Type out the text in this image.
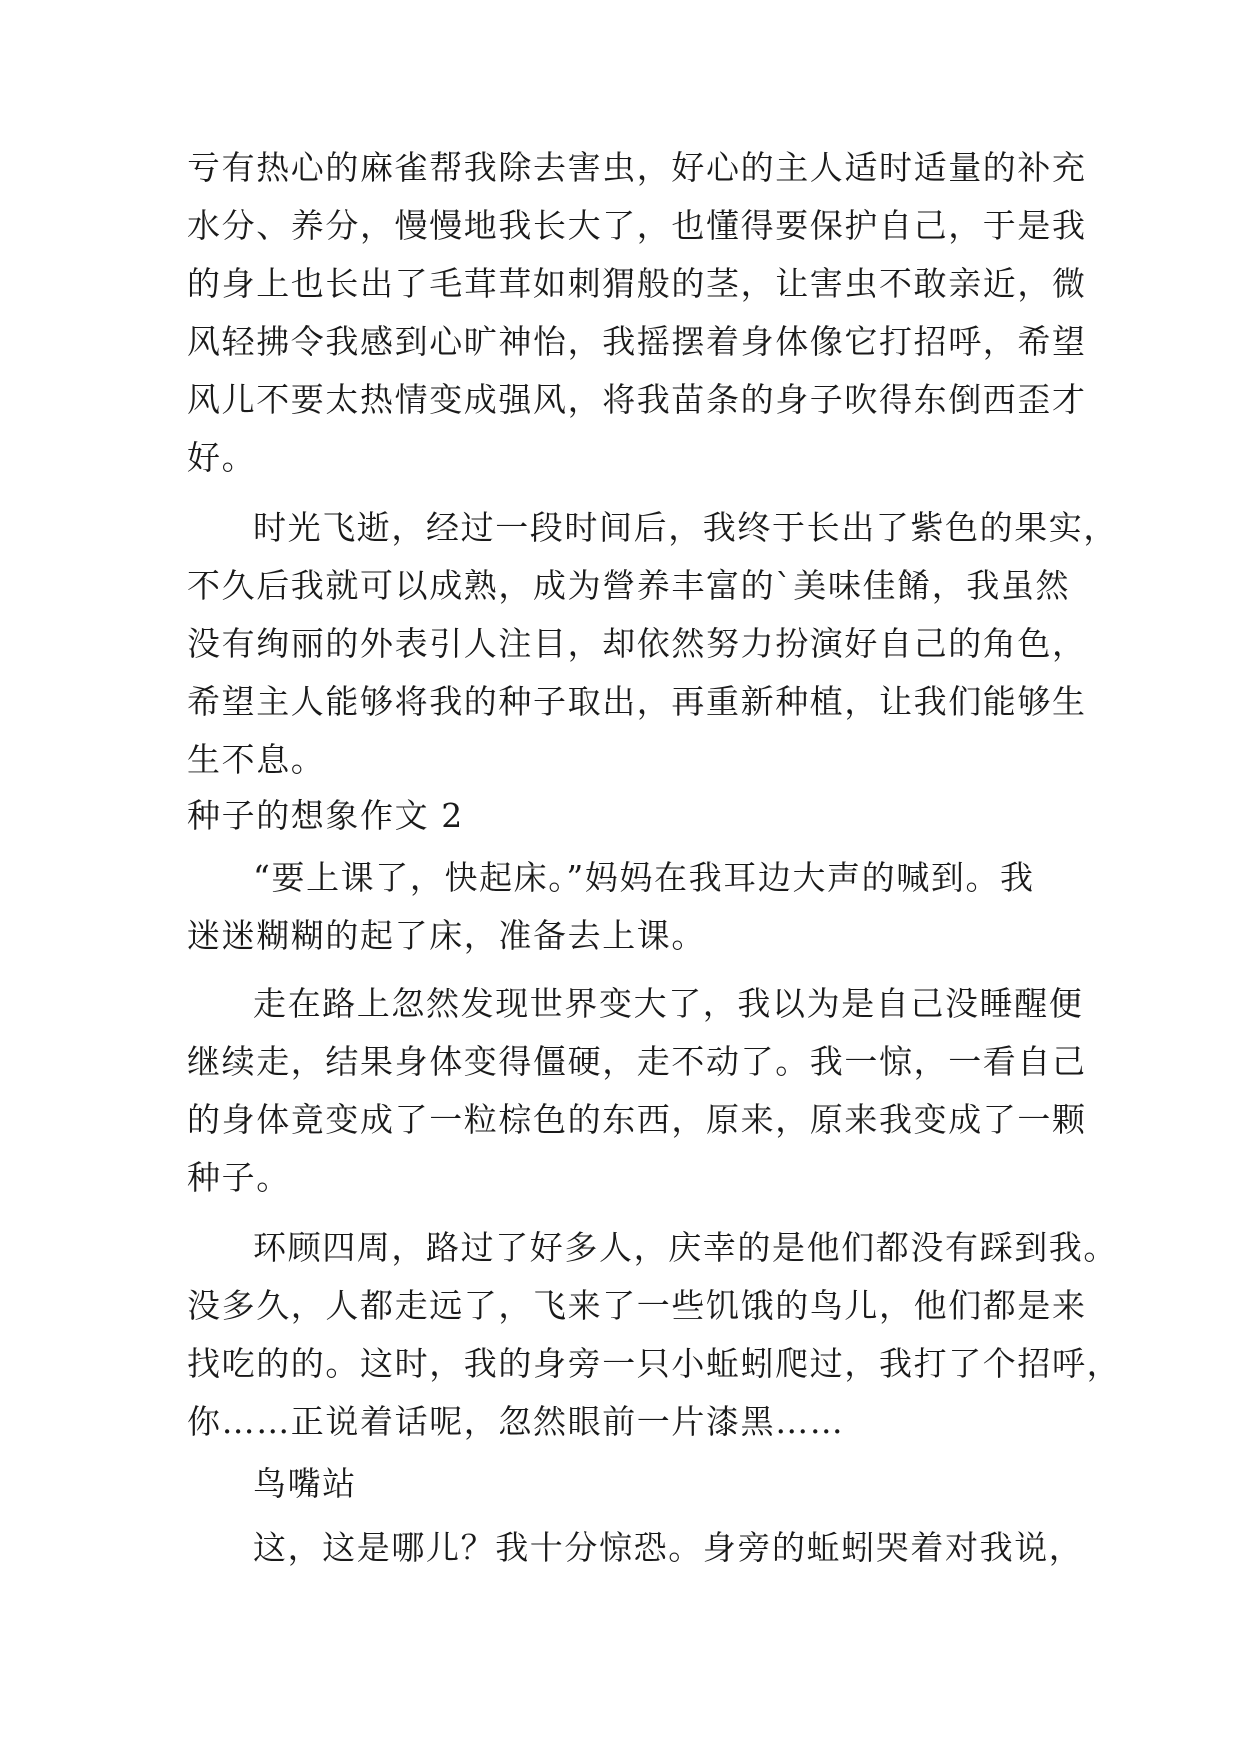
亏有热心的麻雀帮我除去害虫，好心的主人适时适量的补充
水分、养分，慢慢地我长大了，也懂得要保护自己，于是我
的身上也长出了毛茸茸如刺猬般的茎，让害虫不敢亲近，微
风轻拂令我感到心旷神怡，我摇摆着身体像它打招呼，希望
风儿不要太热情变成强风，将我苗条的身子吹得东倒西歪才
好。
时光飞逝，经过一段时间后，我终于长出了紫色的果实，
不久后我就可以成熟，成为營养丰富的`美味佳餚，我虽然
没有绚丽的外表引人注目，却依然努力扮演好自己的角色，
希望主人能够将我的种子取出，再重新种植，让我们能够生
生不息。
种子的想象作文 2
“要上课了，快起床。”妈妈在我耳边大声的喊到。我
迷迷糊糊的起了床，准备去上课。
走在路上忽然发现世界变大了，我以为是自己没睡醒便
继续走，结果身体变得僵硬，走不动了。我一惊，一看自己
的身体竟变成了一粒棕色的东西，原来，原来我变成了一颗
种子。
环顾四周，路过了好多人，庆幸的是他们都没有踩到我。
没多久，人都走远了，飞来了一些饥饿的鸟儿，他们都是来
找吃的的。这时，我的身旁一只小蚯蚓爬过，我打了个招呼，
你……正说着话呢，忽然眼前一片漆黑……
鸟嘴站
这，这是哪儿？我十分惊恐。身旁的蚯蚓哭着对我说，
